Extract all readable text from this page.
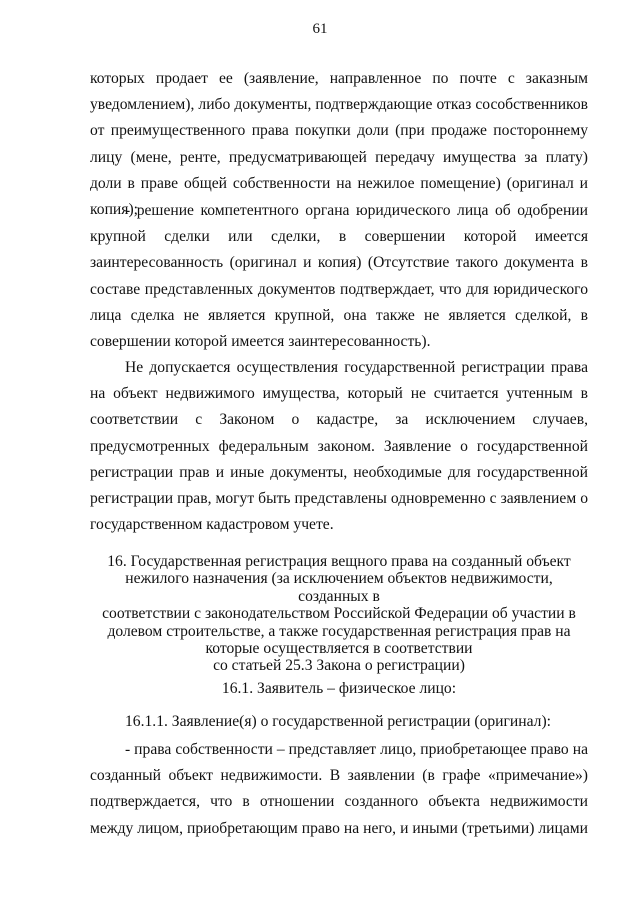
61

которых продает ее (заявление, направленное по почте с заказным уведомлением), либо документы, подтверждающие отказ сособственников от преимущественного права покупки доли (при продаже постороннему лицу (мене, ренте, предусматривающей передачу имущества за плату) доли в праве общей собственности на нежилое помещение) (оригинал и копия);

- решение компетентного органа юридического лица об одобрении крупной сделки или сделки, в совершении которой имеется заинтересованность (оригинал и копия) (Отсутствие такого документа в составе представленных документов подтверждает, что для юридического лица сделка не является крупной, она также не является сделкой, в совершении которой имеется заинтересованность).

Не допускается осуществления государственной регистрации права на объект недвижимого имущества, который не считается учтенным в соответствии с Законом о кадастре, за исключением случаев, предусмотренных федеральным законом. Заявление о государственной регистрации прав и иные документы, необходимые для государственной регистрации прав, могут быть представлены одновременно с заявлением о государственном кадастровом учете.

16. Государственная регистрация вещного права на созданный объект

нежилого назначения (за исключением объектов недвижимости, созданных в

соответствии с законодательством Российской Федерации об участии в

долевом строительстве, а также государственная регистрация прав на

которые осуществляется в соответствии

со статьей 25.3 Закона о регистрации)

16.1. Заявитель – физическое лицо:

16.1.1. Заявление(я) о государственной регистрации (оригинал):

- права собственности – представляет лицо, приобретающее право на созданный объект недвижимости. В заявлении (в графе «примечание») подтверждается, что в отношении созданного объекта недвижимости между лицом, приобретающим право на него, и иными (третьими) лицами
